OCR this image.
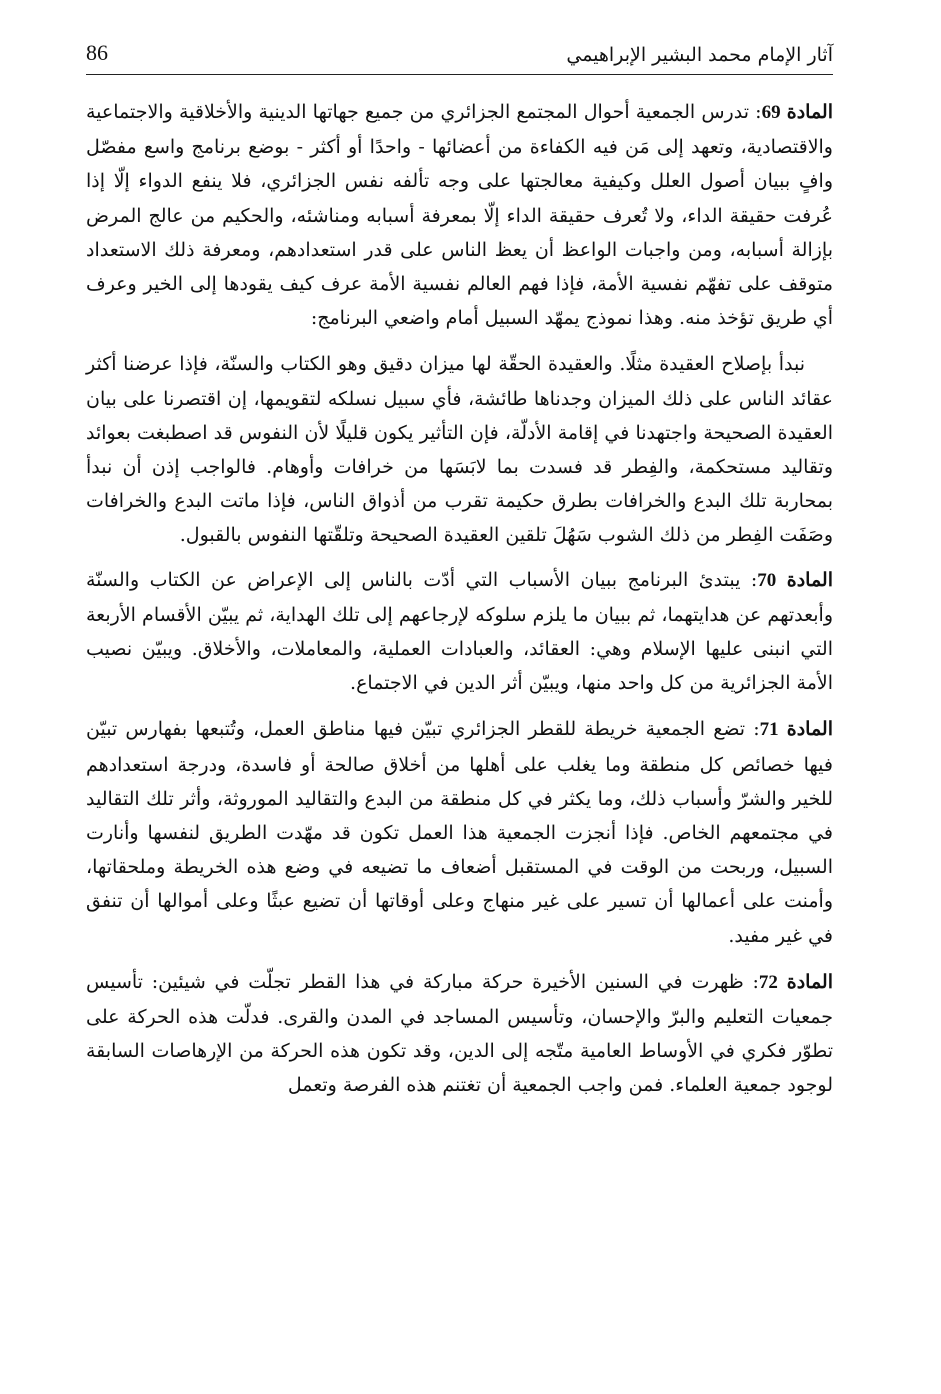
86	آثار الإمام محمد البشير الإبراهيمي

المادة 69: تدرس الجمعية أحوال المجتمع الجزائري من جميع جهاتها الدينية والأخلاقية والاجتماعية والاقتصادية، وتعهد إلى مَن فيه الكفاءة من أعضائها - واحدًا أو أكثر - بوضع برنامج واسع مفصّل وافٍ ببيان أصول العلل وكيفية معالجتها على وجه تألفه نفس الجزائري، فلا ينفع الدواء إلّا إذا عُرفت حقيقة الداء، ولا تُعرف حقيقة الداء إلّا بمعرفة أسبابه ومناشئه، والحكيم من عالج المرض بإزالة أسبابه، ومن واجبات الواعظ أن يعظ الناس على قدر استعدادهم، ومعرفة ذلك الاستعداد متوقف على تفهّم نفسية الأمة، فإذا فهم العالم نفسية الأمة عرف كيف يقودها إلى الخير وعرف أي طريق تؤخذ منه. وهذا نموذج يمهّد السبيل أمام واضعي البرنامج:

نبدأ بإصلاح العقيدة مثلًا. والعقيدة الحقّة لها ميزان دقيق وهو الكتاب والسنّة، فإذا عرضنا أكثر عقائد الناس على ذلك الميزان وجدناها طائشة، فأي سبيل نسلكه لتقويمها، إن اقتصرنا على بيان العقيدة الصحيحة واجتهدنا في إقامة الأدلّة، فإن التأثير يكون قليلًا لأن النفوس قد اصطبغت بعوائد وتقاليد مستحكمة، والفِطر قد فسدت بما لابَسَها من خرافات وأوهام. فالواجب إذن أن نبدأ بمحاربة تلك البدع والخرافات بطرق حكيمة تقرب من أذواق الناس، فإذا ماتت البدع والخرافات وصَفَت الفِطر من ذلك الشوب سَهُلَ تلقين العقيدة الصحيحة وتلقّتها النفوس بالقبول.

المادة 70: يبتدئ البرنامج ببيان الأسباب التي أدّت بالناس إلى الإعراض عن الكتاب والسنّة وأبعدتهم عن هدايتهما، ثم ببيان ما يلزم سلوكه لإرجاعهم إلى تلك الهداية، ثم يبيّن الأقسام الأربعة التي انبنى عليها الإسلام وهي: العقائد، والعبادات العملية، والمعاملات، والأخلاق. ويبيّن نصيب الأمة الجزائرية من كل واحد منها، ويبيّن أثر الدين في الاجتماع.

المادة 71: تضع الجمعية خريطة للقطر الجزائري تبيّن فيها مناطق العمل، وتُتبعها بفهارس تبيّن فيها خصائص كل منطقة وما يغلب على أهلها من أخلاق صالحة أو فاسدة، ودرجة استعدادهم للخير والشرّ وأسباب ذلك، وما يكثر في كل منطقة من البدع والتقاليد الموروثة، وأثر تلك التقاليد في مجتمعهم الخاص. فإذا أنجزت الجمعية هذا العمل تكون قد مهّدت الطريق لنفسها وأنارت السبيل، وربحت من الوقت في المستقبل أضعاف ما تضيعه في وضع هذه الخريطة وملحقاتها، وأمنت على أعمالها أن تسير على غير منهاج وعلى أوقاتها أن تضيع عبثًا وعلى أموالها أن تنفق في غير مفيد.

المادة 72: ظهرت في السنين الأخيرة حركة مباركة في هذا القطر تجلّت في شيئين: تأسيس جمعيات التعليم والبرّ والإحسان، وتأسيس المساجد في المدن والقرى. فدلّت هذه الحركة على تطوّر فكري في الأوساط العامية متّجه إلى الدين، وقد تكون هذه الحركة من الإرهاصات السابقة لوجود جمعية العلماء. فمن واجب الجمعية أن تغتنم هذه الفرصة وتعمل
